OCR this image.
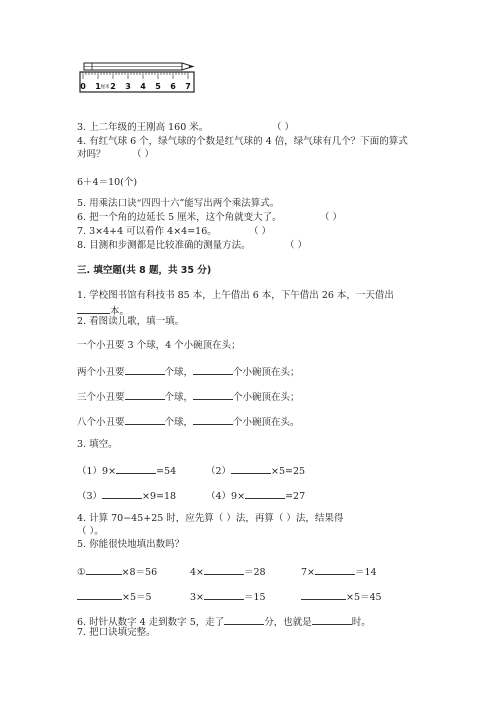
0 1 2 3 4 5 6 7
厘米
3. 上二年级的王刚高 160 米。	（ ）
4. 有红气球 6 个，绿气球的个数是红气球的 4 倍，绿气球有几个？下面的算式
对吗？	（ ）
6＋4＝10(个)
5. 用乘法口诀“四四十六”能写出两个乘法算式。
6. 把一个角的边延长 5 厘米，这个角就变大了。	（ ）
7. 3×4+4 可以看作 4×4=16。	（ ）
8. 目测和步测都是比较准确的测量方法。	（ ）
三. 填空题(共 8 题，共 35 分)
1. 学校图书馆有科技书 85 本，上午借出 6 本，下午借出 26 本，一天借出
本。
2. 看图读儿歌，填一填。
一个小丑要 3 个球，4 个小碗顶在头；
两个小丑要	个球，	个小碗顶在头；
三个小丑要	个球，	个小碗顶在头；
八个小丑要	个球，	个小碗顶在头。
3. 填空。
（1）9×	=54	（2）	×5=25
（3）	×9=18	（4）9×	=27
4. 计算 70−45+25 时，应先算（ ）法，再算（ ）法，结果得
（ ）。
5. 你能很快地填出数吗？
①	×8＝56	4×	＝28	7×	＝14
×5＝5	3×	＝15	×5＝45
6. 时针从数字 4 走到数字 5，走了	分，也就是	时。
7. 把口诀填完整。
